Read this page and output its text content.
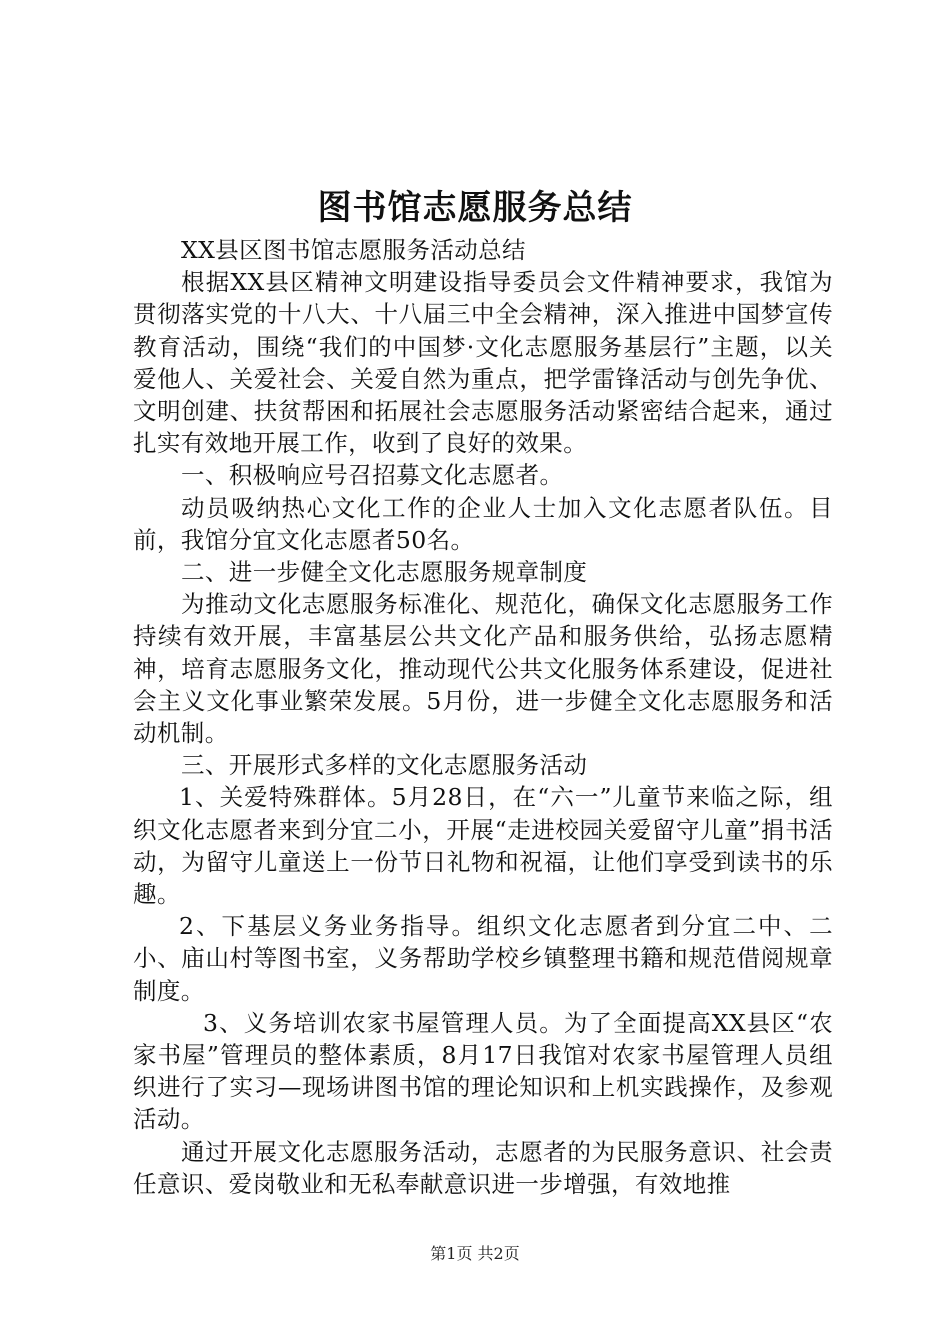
图书馆志愿服务总结

XX县区图书馆志愿服务活动总结

根据XX县区精神文明建设指导委员会文件精神要求，我馆为贯彻落实党的十八大、十八届三中全会精神，深入推进中国梦宣传教育活动，围绕“我们的中国梦·文化志愿服务基层行”主题，以关爱他人、关爱社会、关爱自然为重点，把学雷锋活动与创先争优、文明创建、扶贫帮困和拓展社会志愿服务活动紧密结合起来，通过扎实有效地开展工作，收到了良好的效果。

一、积极响应号召招募文化志愿者。

动员吸纳热心文化工作的企业人士加入文化志愿者队伍。目前，我馆分宜文化志愿者50名。

二、进一步健全文化志愿服务规章制度

为推动文化志愿服务标准化、规范化，确保文化志愿服务工作持续有效开展，丰富基层公共文化产品和服务供给，弘扬志愿精神，培育志愿服务文化，推动现代公共文化服务体系建设，促进社会主义文化事业繁荣发展。5月份，进一步健全文化志愿服务和活动机制。

三、开展形式多样的文化志愿服务活动

1、关爱特殊群体。5月28日，在“六一”儿童节来临之际，组织文化志愿者来到分宜二小，开展“走进校园关爱留守儿童”捐书活动，为留守儿童送上一份节日礼物和祝福，让他们享受到读书的乐趣。

2、下基层义务业务指导。组织文化志愿者到分宜二中、二小、庙山村等图书室，义务帮助学校乡镇整理书籍和规范借阅规章制度。

3、义务培训农家书屋管理人员。为了全面提高XX县区“农家书屋”管理员的整体素质，8月17日我馆对农家书屋管理人员组织进行了实习—现场讲图书馆的理论知识和上机实践操作，及参观活动。

通过开展文化志愿服务活动，志愿者的为民服务意识、社会责任意识、爱岗敬业和无私奉献意识进一步增强，有效地推

第1页 共2页
